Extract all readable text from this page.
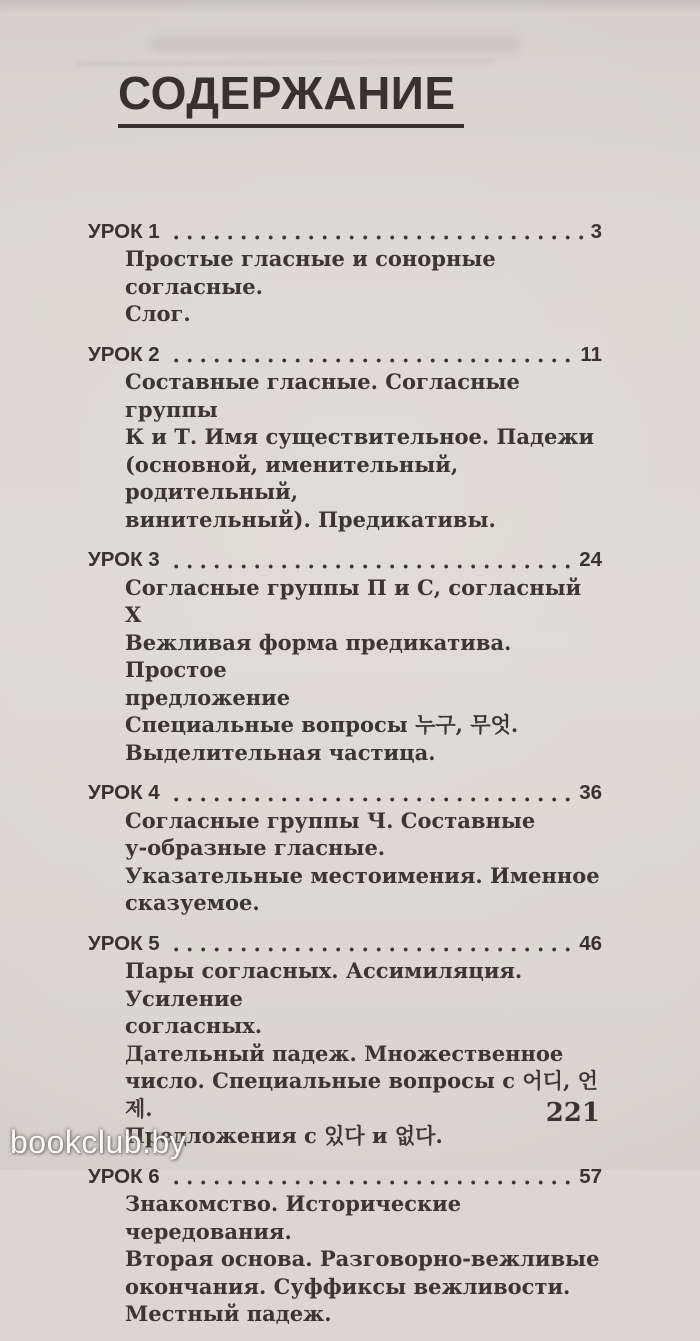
СОДЕРЖАНИЕ
УРОК 1	3
Простые гласные и сонорные согласные.
Слог.
УРОК 2	11
Составные гласные. Согласные группы
К и Т. Имя существительное. Падежи
(основной, именительный, родительный,
винительный). Предикативы.
УРОК 3	24
Согласные группы П и С, согласный Х
Вежливая форма предикатива. Простое
предложение
Специальные вопросы 누구, 무엇.
Выделительная частица.
УРОК 4	36
Согласные группы Ч. Составные
у-образные гласные.
Указательные местоимения. Именное
сказуемое.
УРОК 5	46
Пары согласных. Ассимиляция. Усиление
согласных.
Дательный падеж. Множественное
число. Специальные вопросы с 어디, 언제.
Предложения с 있다 и 없다.
УРОК 6	57
Знакомство. Исторические чередования.
Вторая основа. Разговорно-вежливые
окончания. Суффиксы вежливости.
Местный падеж.
221
bookclub.by
